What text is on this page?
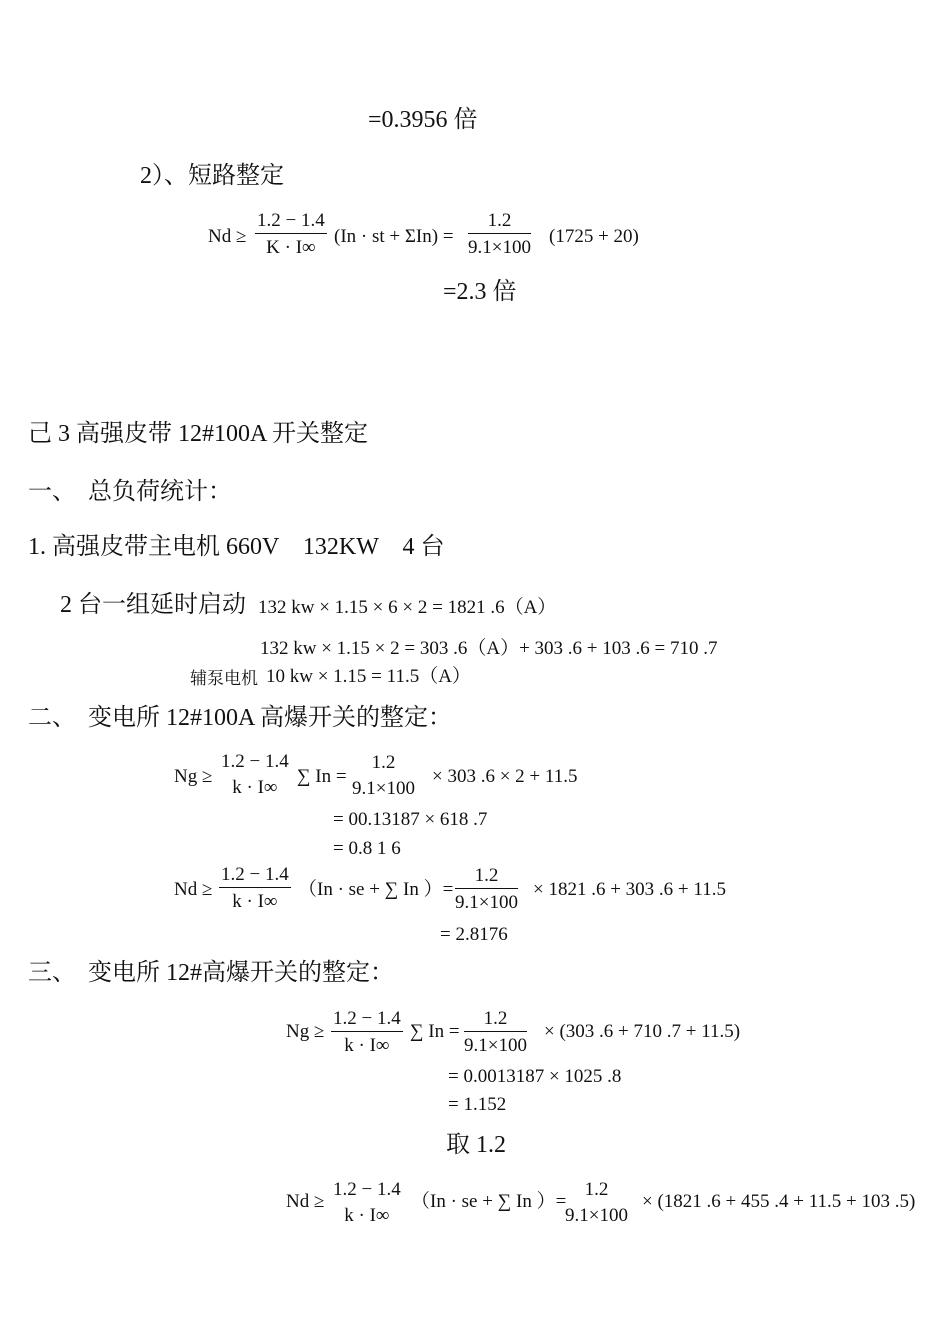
=0.3956 倍
2）、短路整定
$Nd \ge \frac{1.2 - 1.4}{K \cdot I\infty} (In$ · st + $\Sigma In) = \frac{1.2}{9.1\times 100} (1725 + 20)$
=2.3 倍
己 3 高强皮带 12#100A 开关整定
一、　总负荷统计：
1. 高强皮带主电机 660V　132KW　4 台
2 台一组延时启动 132 kw × 1.15 × 6 × 2 = 1821 .6（A）
132 kw × 1.15 × 2 = 303 .6（A）+ 303 .6 + 103 .6 = 710 .7
辅泵电机 10 kw × 1.15 = 11.5（A）
二、　变电所 12#100A 高爆开关的整定：
Ng ≥
1.2 − 1.4
k · I∞
∑ In =
1.2
9.1×100
× 303 .6 × 2 + 11.5
= 00.13187 × 618 .7
= 0.8 1 6
$Nd \ge \frac{1.2 - 1.4}{k \cdot I\infty} (In$ · se + ∑ In ）= $\frac{1.2}{9.1\times 100} \times 1821$ .6 + 303 .6 + 11.5
= 2.8176
三、　变电所 12#高爆开关的整定：
$Ng \ge \frac{1.2 - 1.4}{k \cdot I\infty}$ ∑ $In = \frac{1.2}{9.1\times 100} \times (303$ .6 + 710 .7 + 11.5)
= 0.0013187 × 1025 .8
= 1.152
取 1.2
Nd ≥
1.2 − 1.4
k · I∞
（In · se + ∑ In ）=
1.2
9.1×100
× (1821 .6 + 455 .4 + 11.5 + 103 .5)
